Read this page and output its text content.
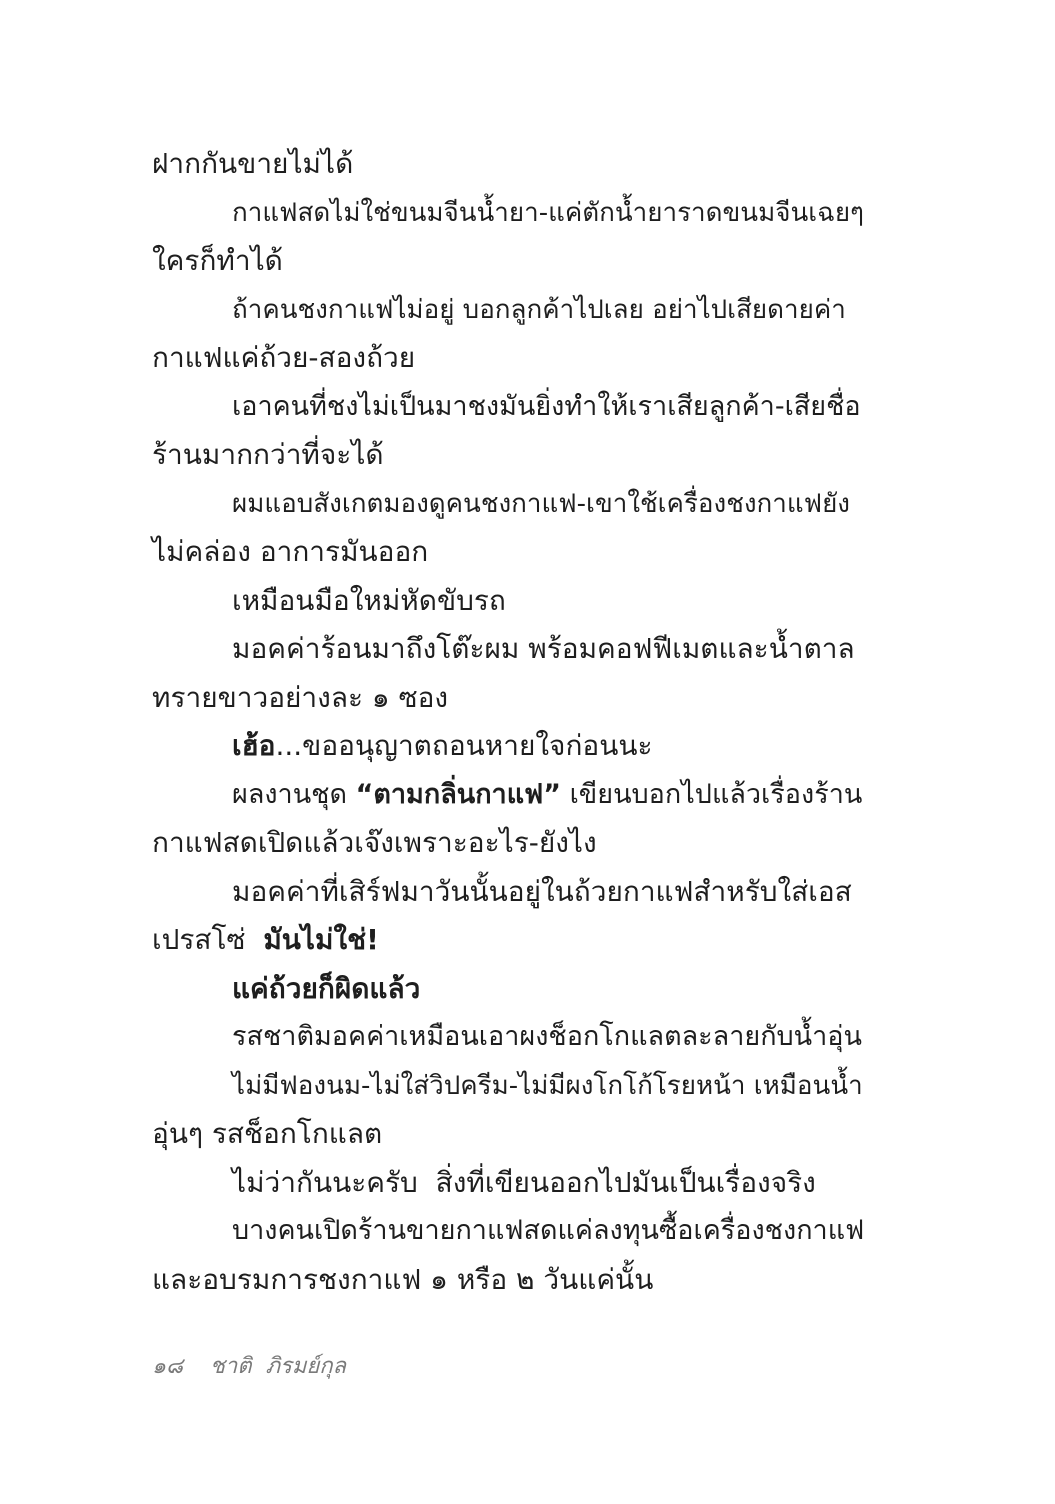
ฝากกันขายไม่ได้
กาแฟสดไม่ใช่ขนมจีนน้ำยา-แค่ตักน้ำยาราดขนมจีนเฉยๆ
ใครก็ทำได้
ถ้าคนชงกาแฟไม่อยู่ บอกลูกค้าไปเลย อย่าไปเสียดายค่า
กาแฟแค่ถ้วย-สองถ้วย
เอาคนที่ชงไม่เป็นมาชงมันยิ่งทำให้เราเสียลูกค้า-เสียชื่อ
ร้านมากกว่าที่จะได้
ผมแอบสังเกตมองดูคนชงกาแฟ-เขาใช้เครื่องชงกาแฟยัง
ไม่คล่อง อาการมันออก
เหมือนมือใหม่หัดขับรถ
มอคค่าร้อนมาถึงโต๊ะผม พร้อมคอฟฟีเมตและน้ำตาล
ทรายขาวอย่างละ ๑ ซอง
เฮ้อ...ขออนุญาตถอนหายใจก่อนนะ
ผลงานชุด “ตามกลิ่นกาแฟ” เขียนบอกไปแล้วเรื่องร้าน
กาแฟสดเปิดแล้วเจ๊งเพราะอะไร-ยังไง
มอคค่าที่เสิร์ฟมาวันนั้นอยู่ในถ้วยกาแฟสำหรับใส่เอส
เปรสโซ่  มันไม่ใช่!
แค่ถ้วยก็ผิดแล้ว
รสชาติมอคค่าเหมือนเอาผงช็อกโกแลตละลายกับน้ำอุ่น
ไม่มีฟองนม-ไม่ใส่วิปครีม-ไม่มีผงโกโก้โรยหน้า เหมือนน้ำ
อุ่นๆ รสช็อกโกแลต
ไม่ว่ากันนะครับ  สิ่งที่เขียนออกไปมันเป็นเรื่องจริง
บางคนเปิดร้านขายกาแฟสดแค่ลงทุนซื้อเครื่องชงกาแฟ
และอบรมการชงกาแฟ ๑ หรือ ๒ วันแค่นั้น
๑๘ ชาติ  ภิรมย์กุล
